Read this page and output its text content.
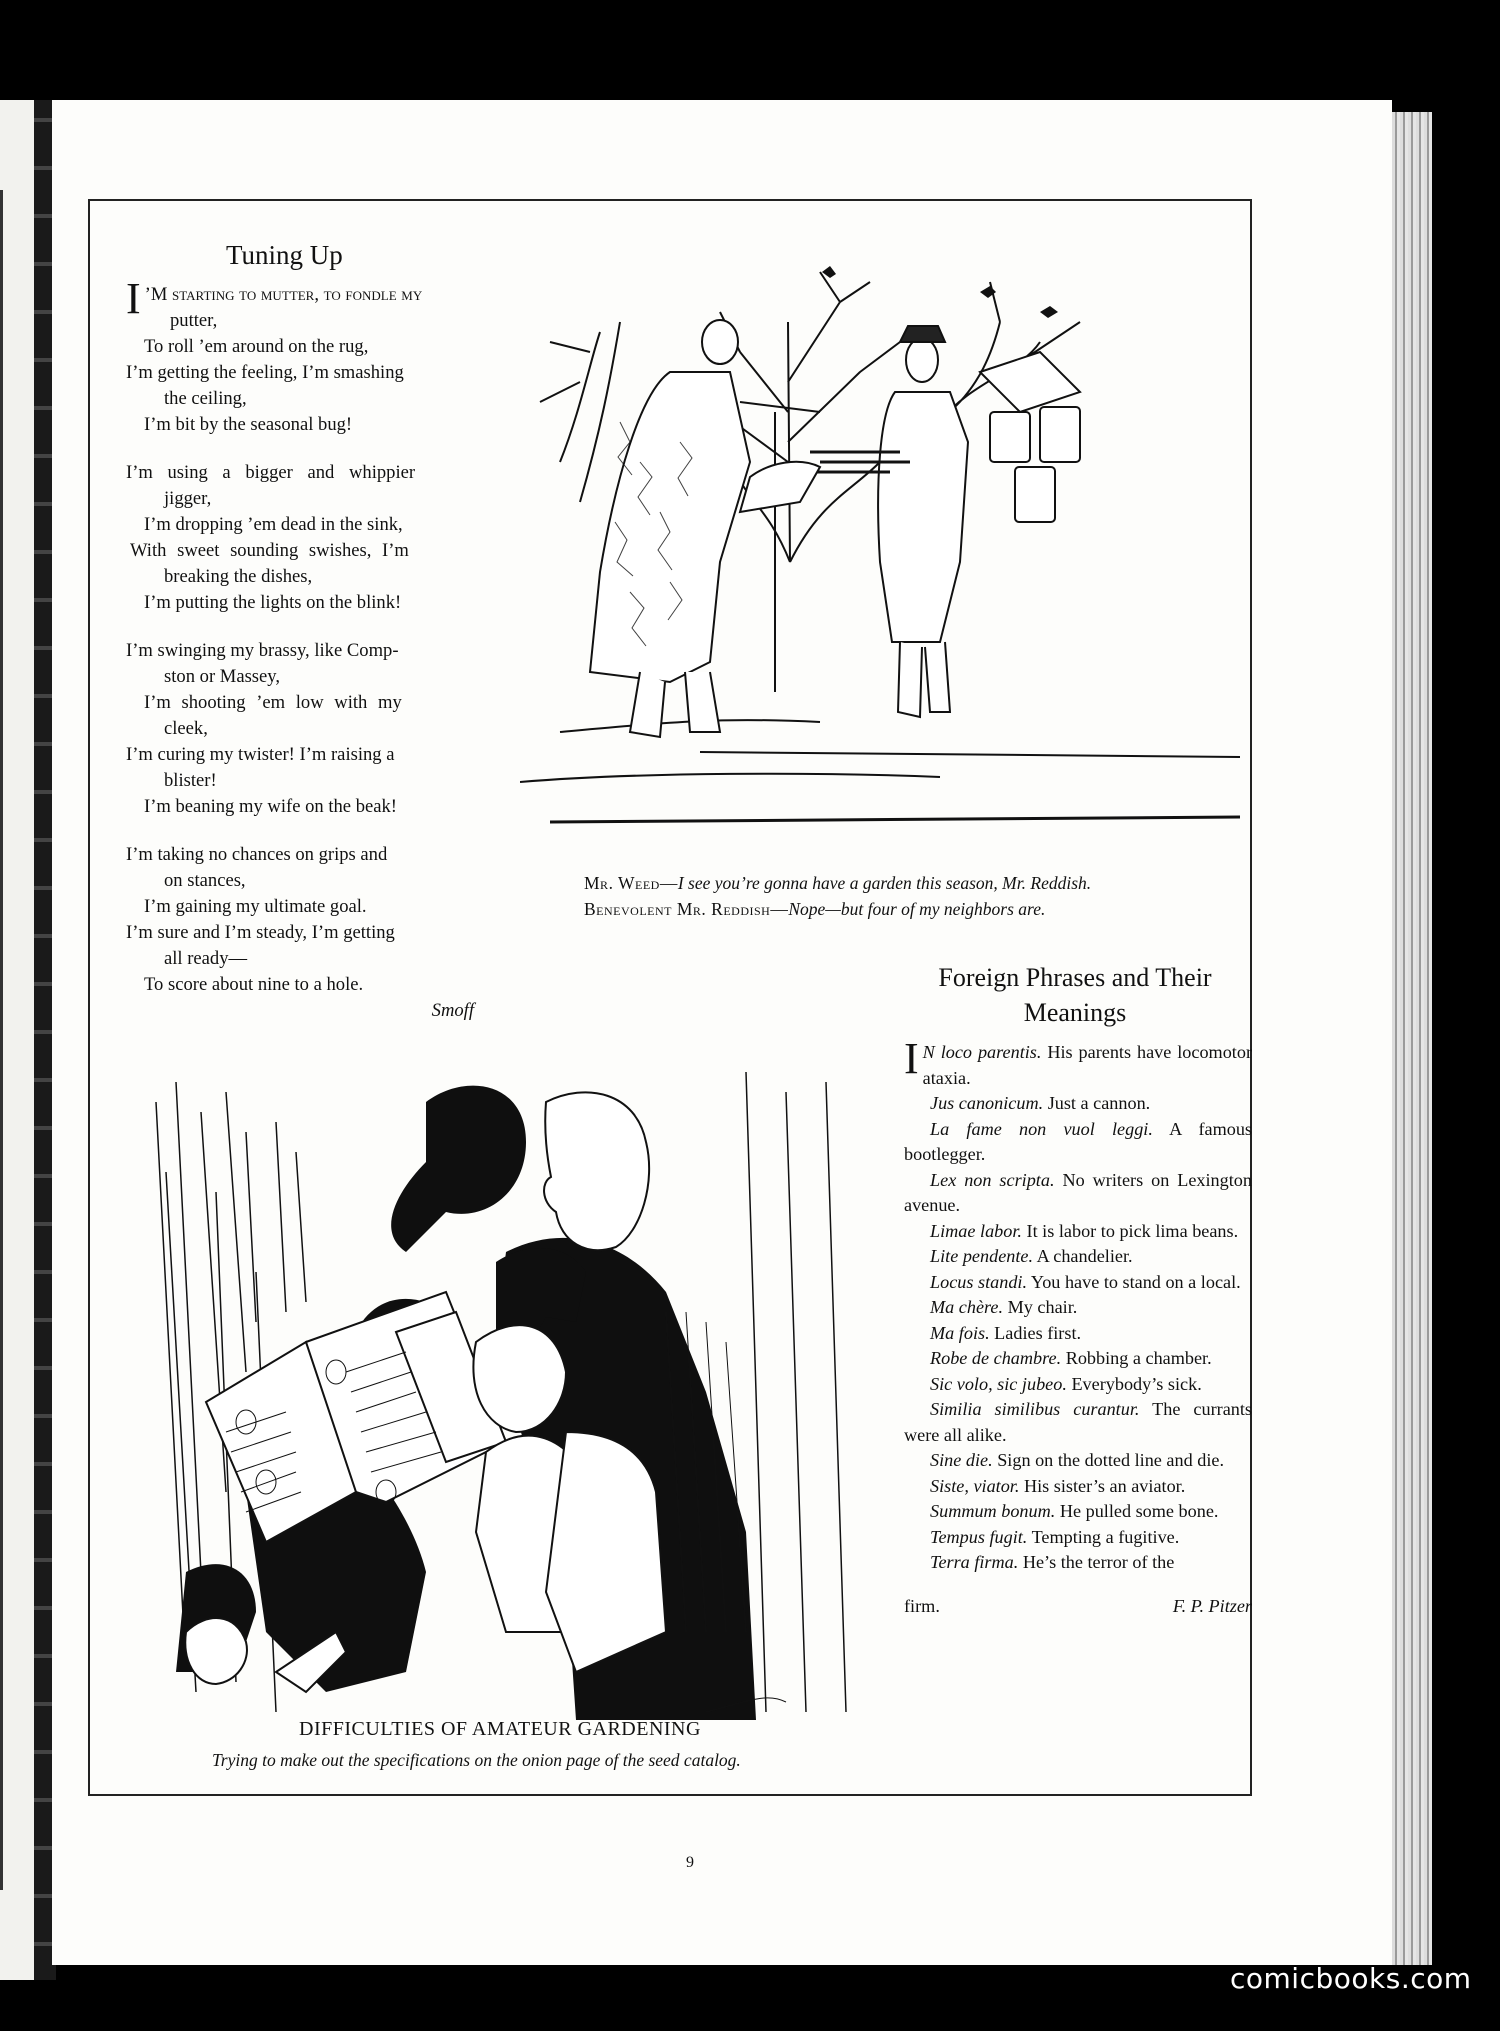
Tuning Up
I ’M starting to mutter, to fondle my
putter,
To roll ’em around on the rug,
I’m getting the feeling, I’m smashing
the ceiling,
I’m bit by the seasonal bug!
I’m using a bigger and whippier
jigger,
I’m dropping ’em dead in the sink,
With sweet sounding swishes, I’m
breaking the dishes,
I’m putting the lights on the blink!
I’m swinging my brassy, like Comp-
ston or Massey,
I’m shooting ’em low with my
cleek,
I’m curing my twister! I’m raising a
blister!
I’m beaning my wife on the beak!
I’m taking no chances on grips and
on stances,
I’m gaining my ultimate goal.
I’m sure and I’m steady, I’m getting
all ready—
To score about nine to a hole.
Smoff
Mr. Weed—I see you’re gonna have a garden this season, Mr. Reddish.
Benevolent Mr. Reddish—Nope—but four of my neighbors are.
Foreign Phrases and Their
Meanings

I N loco parentis. His parents have locomotor ataxia.

Jus canonicum. Just a cannon.

La fame non vuol leggi. A famous bootlegger.

Lex non scripta. No writers on Lexington avenue.

Limae labor. It is labor to pick lima beans.

Lite pendente. A chandelier.

Locus standi. You have to stand on a local.

Ma chère. My chair.

Ma fois. Ladies first.

Robe de chambre. Robbing a chamber.

Sic volo, sic jubeo. Everybody’s sick.

Similia similibus curantur. The currants were all alike.

Sine die. Sign on the dotted line and die.

Siste, viator. His sister’s an aviator.

Summum bonum. He pulled some bone.

Tempus fugit. Tempting a fugitive.

Terra firma. He’s the terror of the

firm.	F. P. Pitzer

DIFFICULTIES OF AMATEUR GARDENING
Trying to make out the specifications on the onion page of the seed catalog.
9
comicbooks.com
